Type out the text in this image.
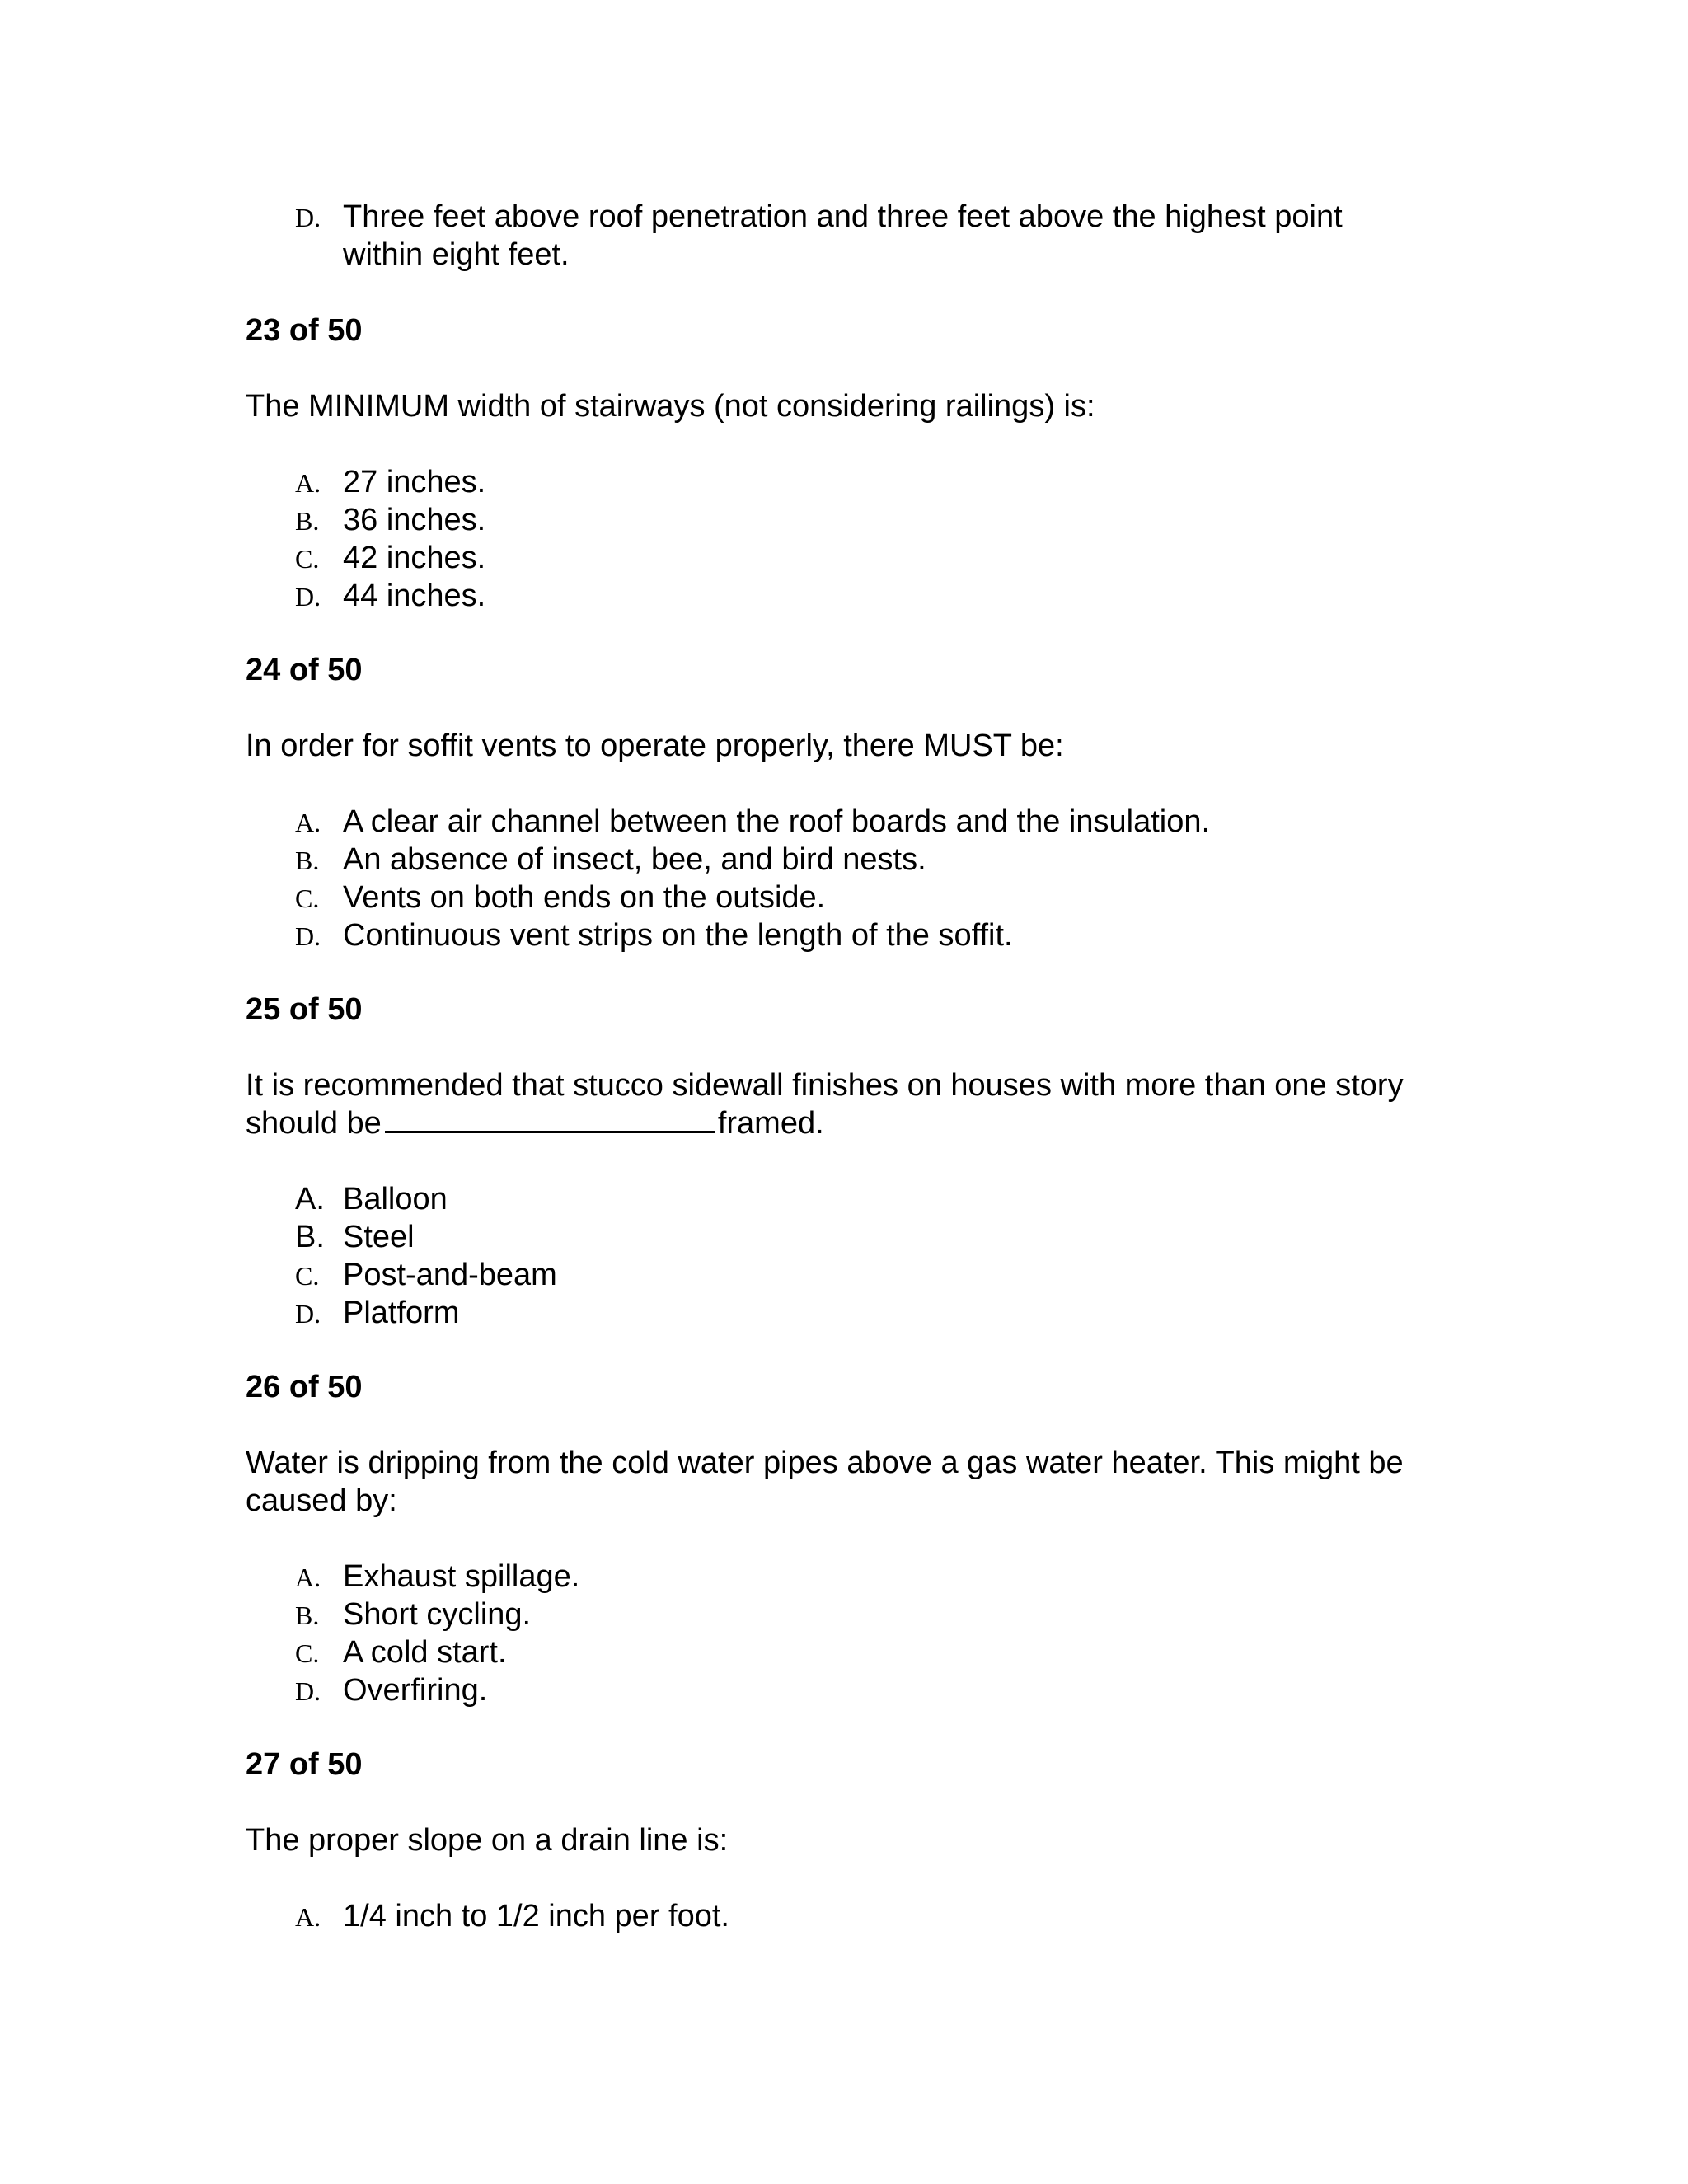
D. Three feet above roof penetration and three feet above the highest point within eight feet.
23 of 50
The MINIMUM width of stairways (not considering railings) is:
A. 27 inches.
B. 36 inches.
C. 42 inches.
D. 44 inches.
24 of 50
In order for soffit vents to operate properly, there MUST be:
A. A clear air channel between the roof boards and the insulation.
B. An absence of insect, bee, and bird nests.
C. Vents on both ends on the outside.
D. Continuous vent strips on the length of the soffit.
25 of 50
It is recommended that stucco sidewall finishes on houses with more than one story should be	framed.
A. Balloon
B. Steel
C. Post-and-beam
D. Platform
26 of 50
Water is dripping from the cold water pipes above a gas water heater. This might be caused by:
A. Exhaust spillage.
B. Short cycling.
C. A cold start.
D. Overfiring.
27 of 50
The proper slope on a drain line is:
A. 1/4 inch to 1/2 inch per foot.
